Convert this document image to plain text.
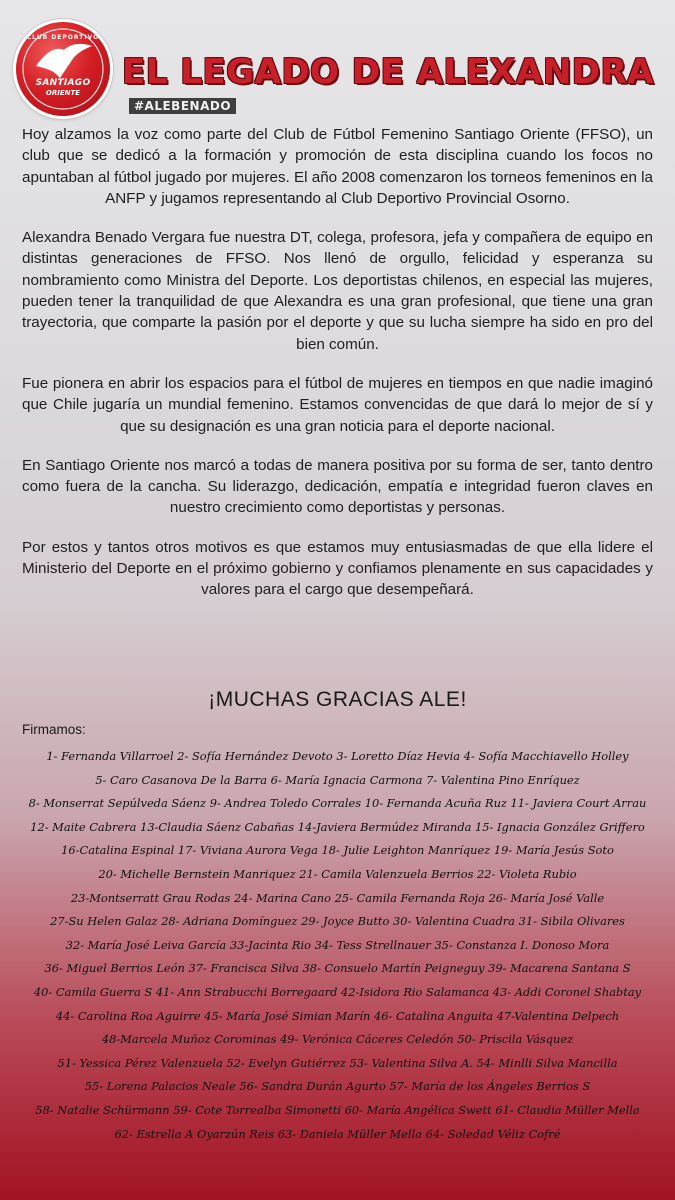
CLUB DEPORTIVO
SANTIAGO
ORIENTE
EL LEGADO DE ALEXANDRA
#ALEBENADO

Hoy alzamos la voz como parte del Club de Fútbol Femenino Santiago Oriente (FFSO), un club que se dedicó a la formación y promoción de esta disciplina cuando los focos no apuntaban al fútbol jugado por mujeres. El año 2008 comenzaron los torneos femeninos en la ANFP y jugamos representando al Club Deportivo Provincial Osorno.

Alexandra Benado Vergara fue nuestra DT, colega, profesora, jefa y compañera de equipo en distintas generaciones de FFSO. Nos llenó de orgullo, felicidad y esperanza su nombramiento como Ministra del Deporte. Los deportistas chilenos, en especial las mujeres, pueden tener la tranquilidad de que Alexandra es una gran profesional, que tiene una gran trayectoria, que comparte la pasión por el deporte y que su lucha siempre ha sido en pro del bien común.

Fue pionera en abrir los espacios para el fútbol de mujeres en tiempos en que nadie imaginó que Chile jugaría un mundial femenino. Estamos convencidas de que dará lo mejor de sí y que su designación es una gran noticia para el deporte nacional.

En Santiago Oriente nos marcó a todas de manera positiva por su forma de ser, tanto dentro como fuera de la cancha. Su liderazgo, dedicación, empatía e integridad fueron claves en nuestro crecimiento como deportistas y personas.

Por estos y tantos otros motivos es que estamos muy entusiasmadas de que ella lidere el Ministerio del Deporte en el próximo gobierno y confiamos plenamente en sus capacidades y valores para el cargo que desempeñará.

¡MUCHAS GRACIAS ALE!
Firmamos:

1- Fernanda Villarroel 2- Sofía Hernández Devoto 3- Loretto Díaz Hevia 4- Sofía Macchiavello Holley 5- Caro Casanova De la Barra 6- María Ignacia Carmona 7- Valentina Pino Enríquez 8- Monserrat Sepúlveda Sáenz 9- Andrea Toledo Corrales 10- Fernanda Acuña Ruz 11- Javiera Court Arrau 12- Maite Cabrera 13-Claudia Sáenz Cabañas 14-Javiera Bermúdez Miranda 15- Ignacia González Griffero 16-Catalina Espinal 17- Viviana Aurora Vega 18- Julie Leighton Manríquez 19- María Jesús Soto 20- Michelle Bernstein Manriquez 21- Camila Valenzuela Berrios 22- Violeta Rubio 23-Montserratt Grau Rodas 24- Marina Cano 25- Camila Fernanda Roja 26- María José Valle 27-Su Helen Galaz 28- Adriana Domínguez 29- Joyce Butto 30- Valentina Cuadra 31- Sibila Olivares 32- María José Leiva García 33-Jacinta Rio 34- Tess Strellnauer 35- Constanza I. Donoso Mora 36- Miguel Berrios León 37- Francisca Silva 38- Consuelo Martín Peigneguy 39- Macarena Santana S 40- Camila Guerra S 41- Ann Strabucchi Borregaard 42-Isidora Rio Salamanca 43- Addi Coronel Shabtay 44- Carolina Roa Aguirre 45- María José Simian Marín 46- Catalina Anguita 47-Valentina Delpech 48-Marcela Muñoz Corominas 49- Verónica Cáceres Celedón 50- Priscila Vásquez 51- Yessica Pérez Valenzuela 52- Evelyn Gutiérrez 53- Valentina Silva A. 54- Minlli Silva Mancilla 55- Lorena Palacios Neale 56- Sandra Durán Agurto 57- María de los Ángeles Berrios S 58- Natalie Schürmann 59- Cote Torrealba Simonetti 60- María Angélica Swett 61- Claudia Müller Mella 62- Estrella A Oyarzún Reis 63- Daniela Müller Mella 64- Soledad Véliz Cofré
